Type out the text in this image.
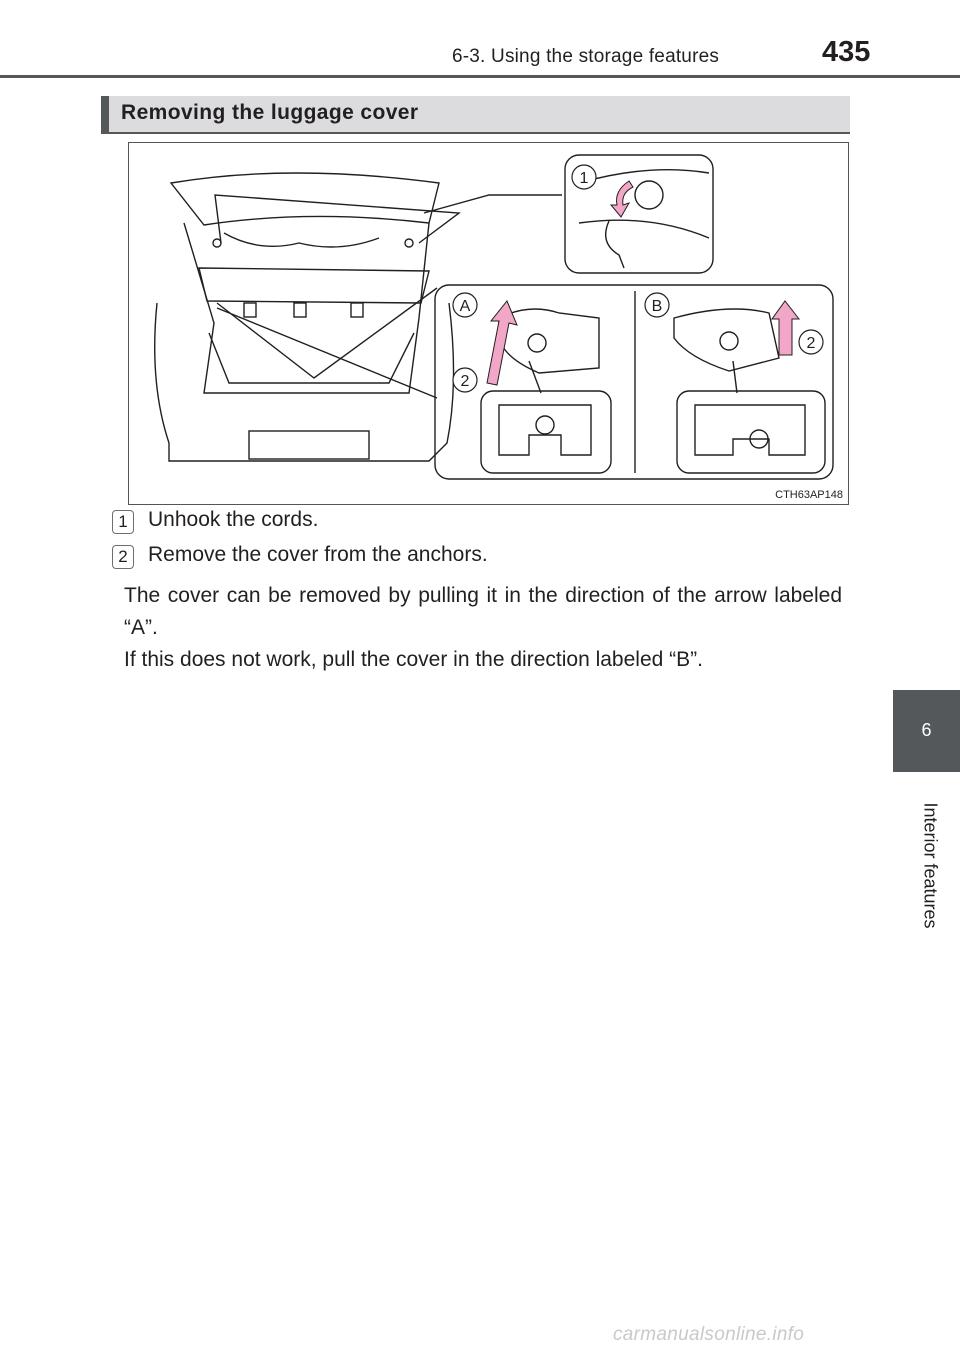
6-3. Using the storage features	435
Removing the luggage cover
1
A	B
2
2
CTH63AP148
1 Unhook the cords.
2 Remove the cover from the anchors.

The cover can be removed by pulling it in the direction of the arrow labeled “A”.

If this does not work, pull the cover in the direction labeled “B”.

6
Interior features
carmanualsonline.info
